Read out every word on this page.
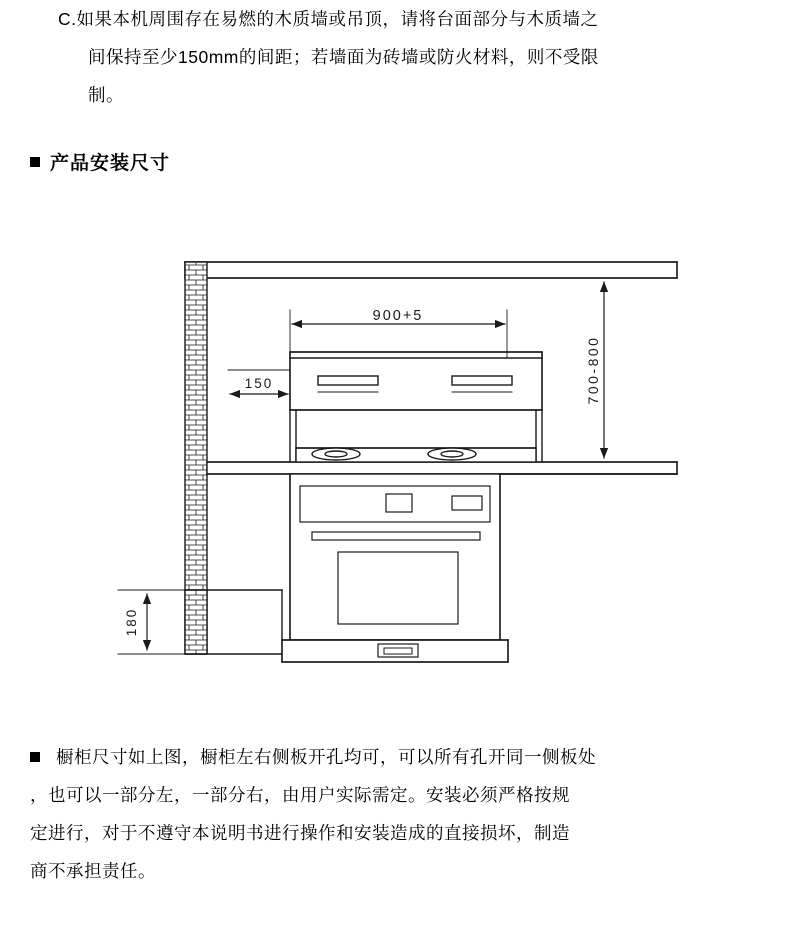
C.如果本机周围存在易燃的木质墙或吊顶，请将台面部分与木质墙之
间保持至少150mm的间距；若墙面为砖墙或防火材料，则不受限
制。
产品安装尺寸
900+5
150	700-800
180
橱柜尺寸如上图，橱柜左右侧板开孔均可，可以所有孔开同一侧板处
，也可以一部分左，一部分右，由用户实际需定。安装必须严格按规
定进行，对于不遵守本说明书进行操作和安装造成的直接损坏，制造
商不承担责任。
